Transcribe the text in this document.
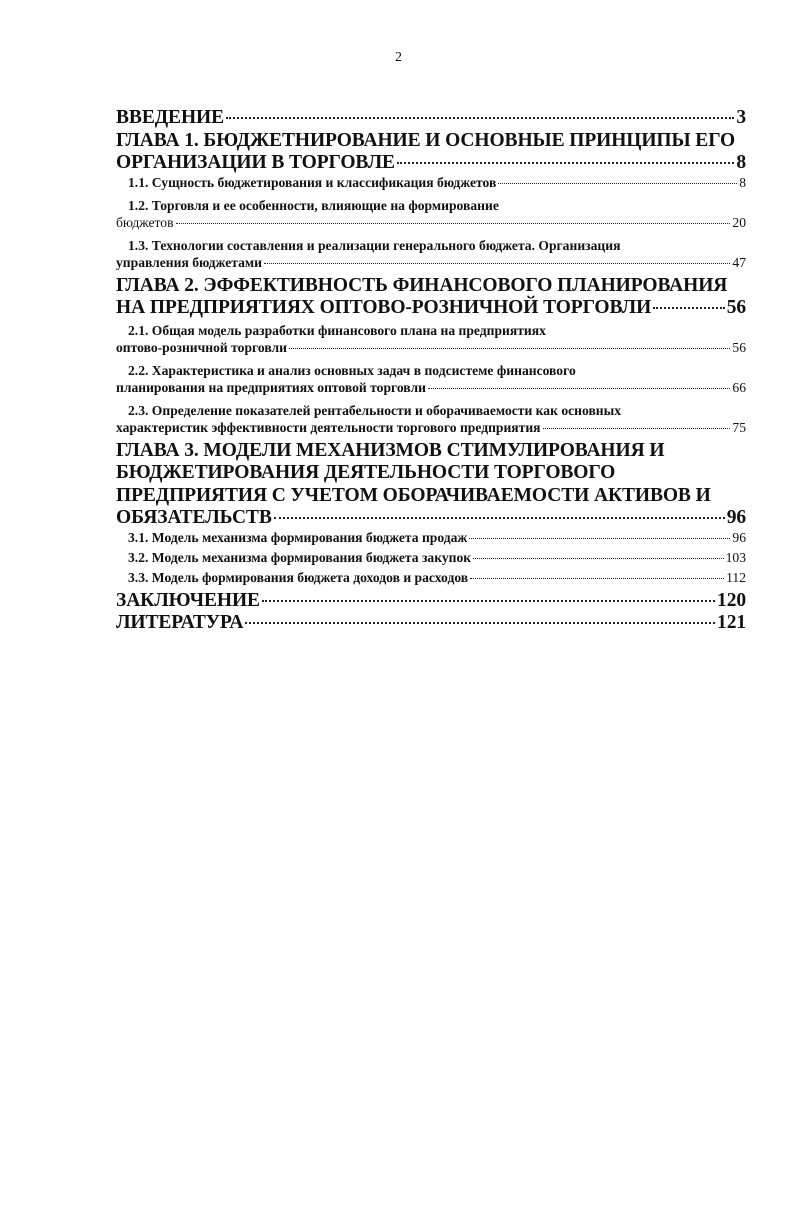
2
ВВЕДЕНИЕ	3
ГЛАВА 1. БЮДЖЕТНИРОВАНИЕ И ОСНОВНЫЕ ПРИНЦИПЫ ЕГО
ОРГАНИЗАЦИИ В ТОРГОВЛЕ	8
1.1. Сущность бюджетирования и классификация бюджетов	8
1.2. Торговля и ее особенности, влияющие на формирование
бюджетов	20
1.3. Технологии составления и реализации генерального бюджета. Организация
управления бюджетами	47
ГЛАВА 2. ЭФФЕКТИВНОСТЬ ФИНАНСОВОГО ПЛАНИРОВАНИЯ
НА ПРЕДПРИЯТИЯХ ОПТОВО-РОЗНИЧНОЙ ТОРГОВЛИ	56
2.1. Общая модель разработки финансового плана на предприятиях
оптово-розничной торговли	56
2.2. Характеристика и анализ основных задач в подсистеме финансового
планирования на предприятиях оптовой торговли	66
2.3. Определение показателей рентабельности и оборачиваемости как основных
характеристик эффективности деятельности торгового предприятия	75
ГЛАВА 3. МОДЕЛИ МЕХАНИЗМОВ СТИМУЛИРОВАНИЯ И
БЮДЖЕТИРОВАНИЯ ДЕЯТЕЛЬНОСТИ ТОРГОВОГО
ПРЕДПРИЯТИЯ С УЧЕТОМ ОБОРАЧИВАЕМОСТИ АКТИВОВ И
ОБЯЗАТЕЛЬСТВ	96
3.1. Модель механизма формирования бюджета продаж	96
3.2. Модель механизма формирования бюджета закупок	103
3.3. Модель формирования бюджета доходов и расходов	112
ЗАКЛЮЧЕНИЕ	120
ЛИТЕРАТУРА	121
